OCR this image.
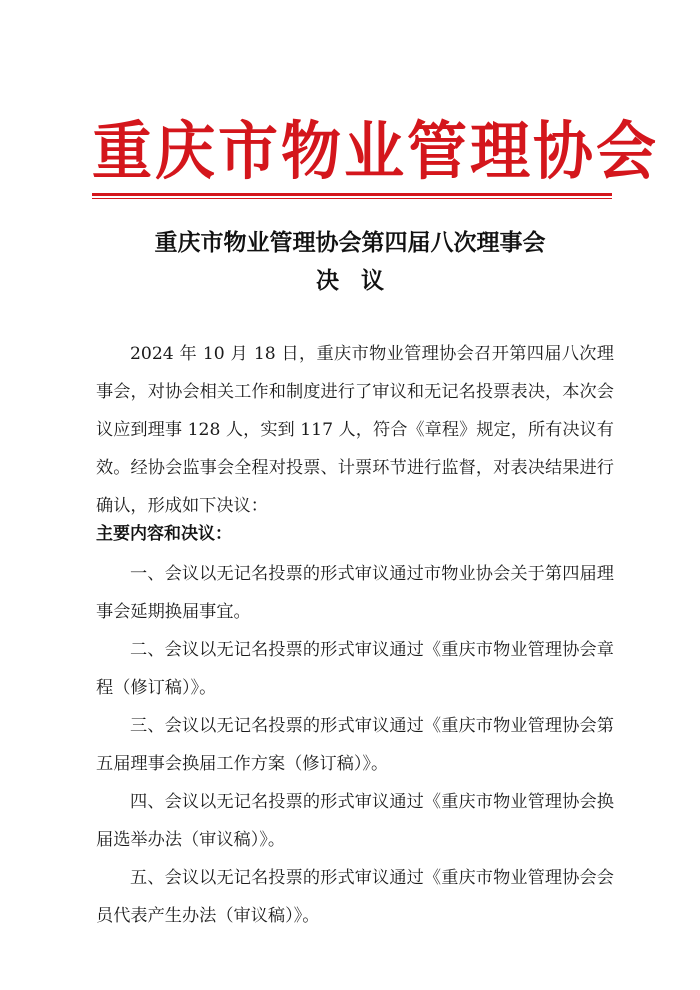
重庆市物业管理协会
重庆市物业管理协会第四届八次理事会
决议
2024 年 10 月 18 日，重庆市物业管理协会召开第四届八次理事会，对协会相关工作和制度进行了审议和无记名投票表决，本次会议应到理事 128 人，实到 117 人，符合《章程》规定，所有决议有效。经协会监事会全程对投票、计票环节进行监督，对表决结果进行确认，形成如下决议：
主要内容和决议：
一、会议以无记名投票的形式审议通过市物业协会关于第四届理事会延期换届事宜。
二、会议以无记名投票的形式审议通过《重庆市物业管理协会章程（修订稿）》。
三、会议以无记名投票的形式审议通过《重庆市物业管理协会第五届理事会换届工作方案（修订稿）》。
四、会议以无记名投票的形式审议通过《重庆市物业管理协会换届选举办法（审议稿）》。
五、会议以无记名投票的形式审议通过《重庆市物业管理协会会员代表产生办法（审议稿）》。
